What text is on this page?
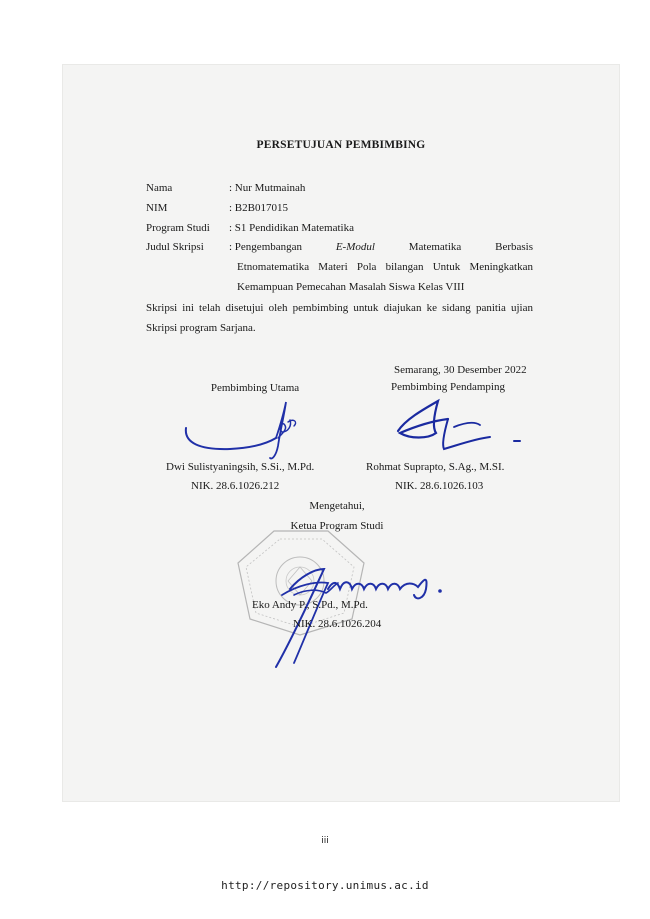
PERSETUJUAN PEMBIMBING
Nama	: Nur Mutmainah
NIM	: B2B017015
Program Studi	: S1 Pendidikan Matematika
Judul Skripsi	: Pengembangan	E-Modul	Matematika	Berbasis
Etnomatematika Materi Pola bilangan Untuk Meningkatkan
Kemampuan Pemecahan Masalah Siswa Kelas VIII
Skripsi ini telah disetujui oleh pembimbing untuk diajukan ke sidang panitia ujian
Skripsi program Sarjana.
Semarang, 30 Desember 2022
Pembimbing Utama	Pembimbing Pendamping
Dwi Sulistyaningsih, S.Si., M.Pd.	Rohmat Suprapto, S.Ag., M.SI.
NIK. 28.6.1026.212	NIK. 28.6.1026.103
Mengetahui,
Ketua Program Studi
Eko Andy P., S.Pd., M.Pd.
NIK. 28.6.1026.204
iii
http://repository.unimus.ac.id
